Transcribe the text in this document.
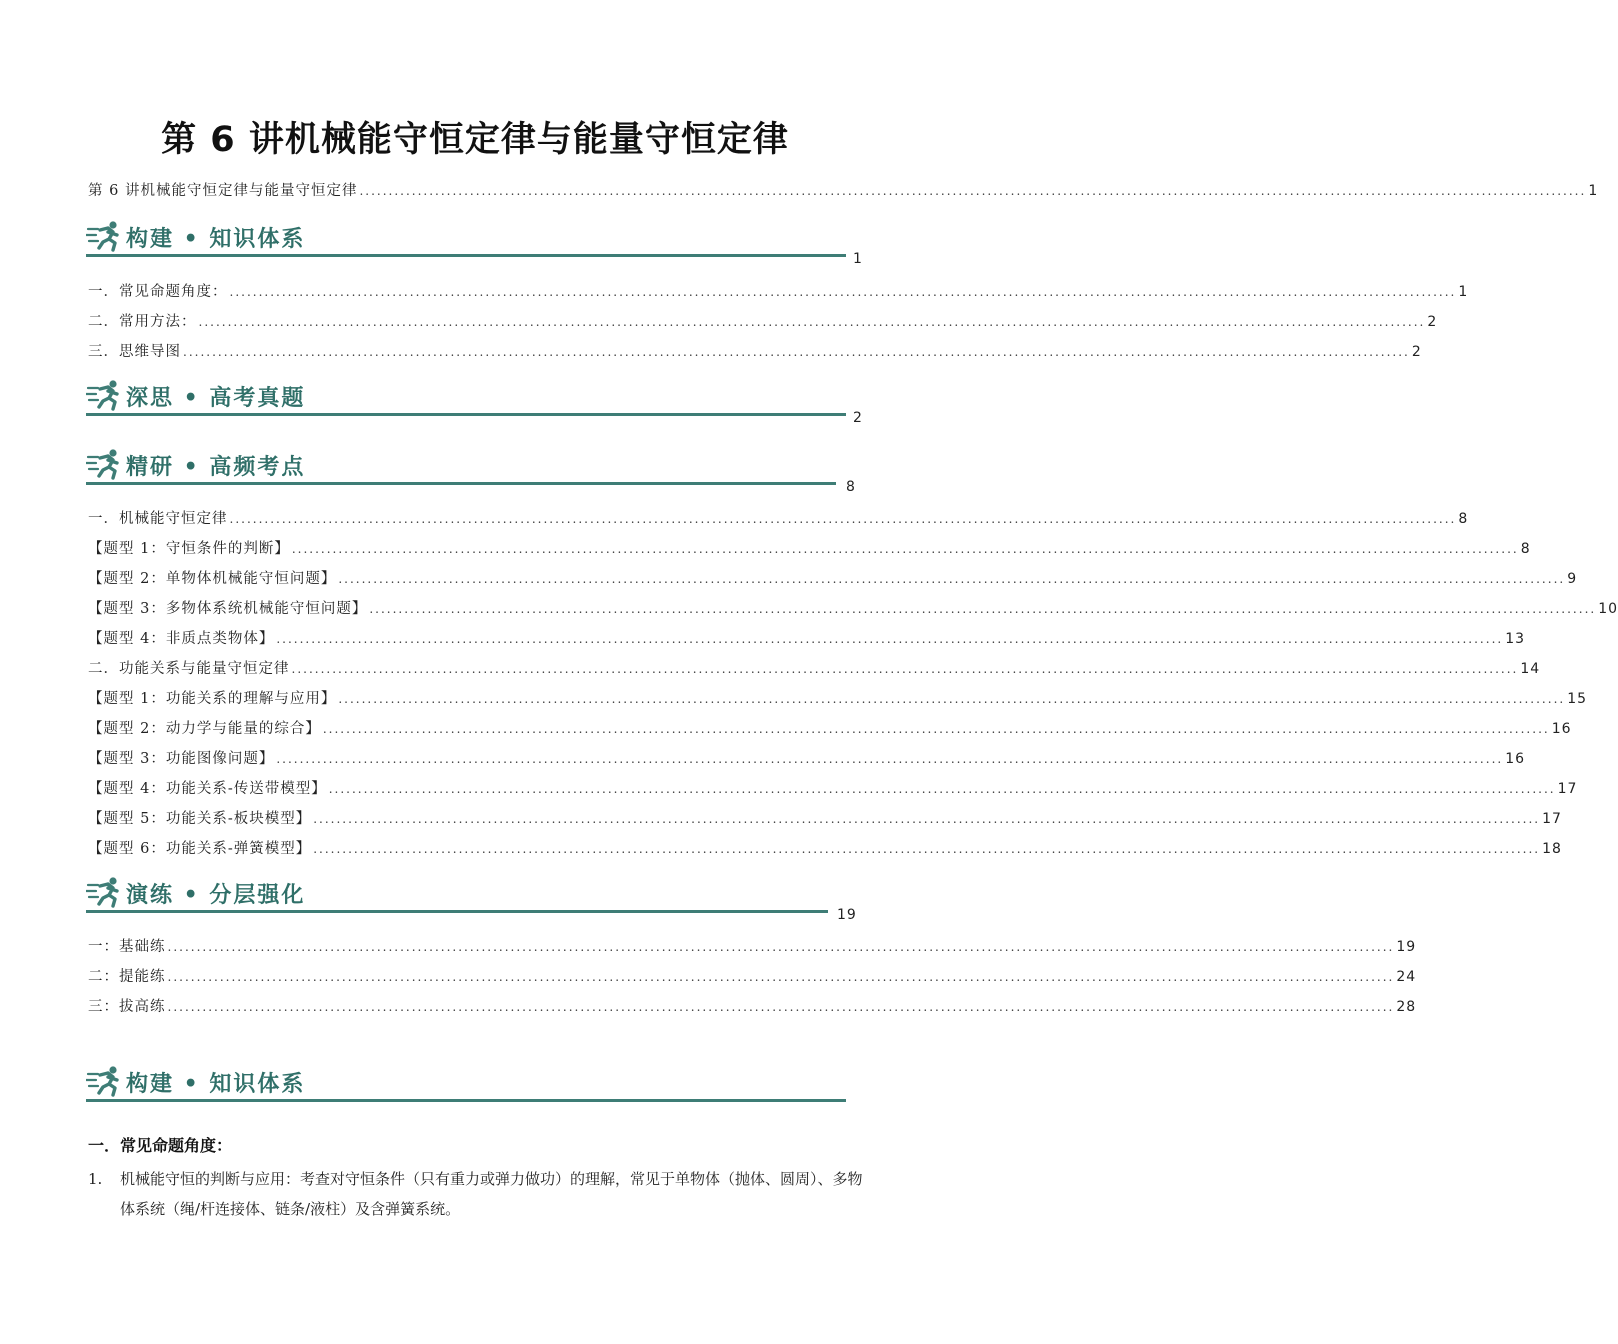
第 6 讲机械能守恒定律与能量守恒定律
第 6 讲机械能守恒定律与能量守恒定律 ................................................................................................................................................................................................................... 1
构建 • 知识体系
1
一．常见命题角度： ................................................................................................................................................................................................................... 1
二．常用方法： ................................................................................................................................................................................................................... 2
三．思维导图 ................................................................................................................................................................................................................... 2
深思 • 高考真题
2
精研 • 高频考点
8
一．机械能守恒定律 ................................................................................................................................................................................................................... 8
【题型 1：守恒条件的判断】 ................................................................................................................................................................................................................... 8
【题型 2：单物体机械能守恒问题】 ................................................................................................................................................................................................................... 9
【题型 3：多物体系统机械能守恒问题】 ................................................................................................................................................................................................................... 10
【题型 4：非质点类物体】 ................................................................................................................................................................................................................... 13
二．功能关系与能量守恒定律 ................................................................................................................................................................................................................... 14
【题型 1：功能关系的理解与应用】 ................................................................................................................................................................................................................... 15
【题型 2：动力学与能量的综合】 ................................................................................................................................................................................................................... 16
【题型 3：功能图像问题】 ................................................................................................................................................................................................................... 16
【题型 4：功能关系-传送带模型】 ................................................................................................................................................................................................................... 17
【题型 5：功能关系-板块模型】 ................................................................................................................................................................................................................... 17
【题型 6：功能关系-弹簧模型】 ................................................................................................................................................................................................................... 18
演练 • 分层强化
19
一：基础练 ................................................................................................................................................................................................................... 19
二：提能练 ................................................................................................................................................................................................................... 24
三：拔高练 ................................................................................................................................................................................................................... 28
构建 • 知识体系
一．常见命题角度：
1. 机械能守恒的判断与应用：考查对守恒条件（只有重力或弹力做功）的理解，常见于单物体（抛体、圆周）、多物体系统（绳/杆连接体、链条/液柱）及含弹簧系统。
